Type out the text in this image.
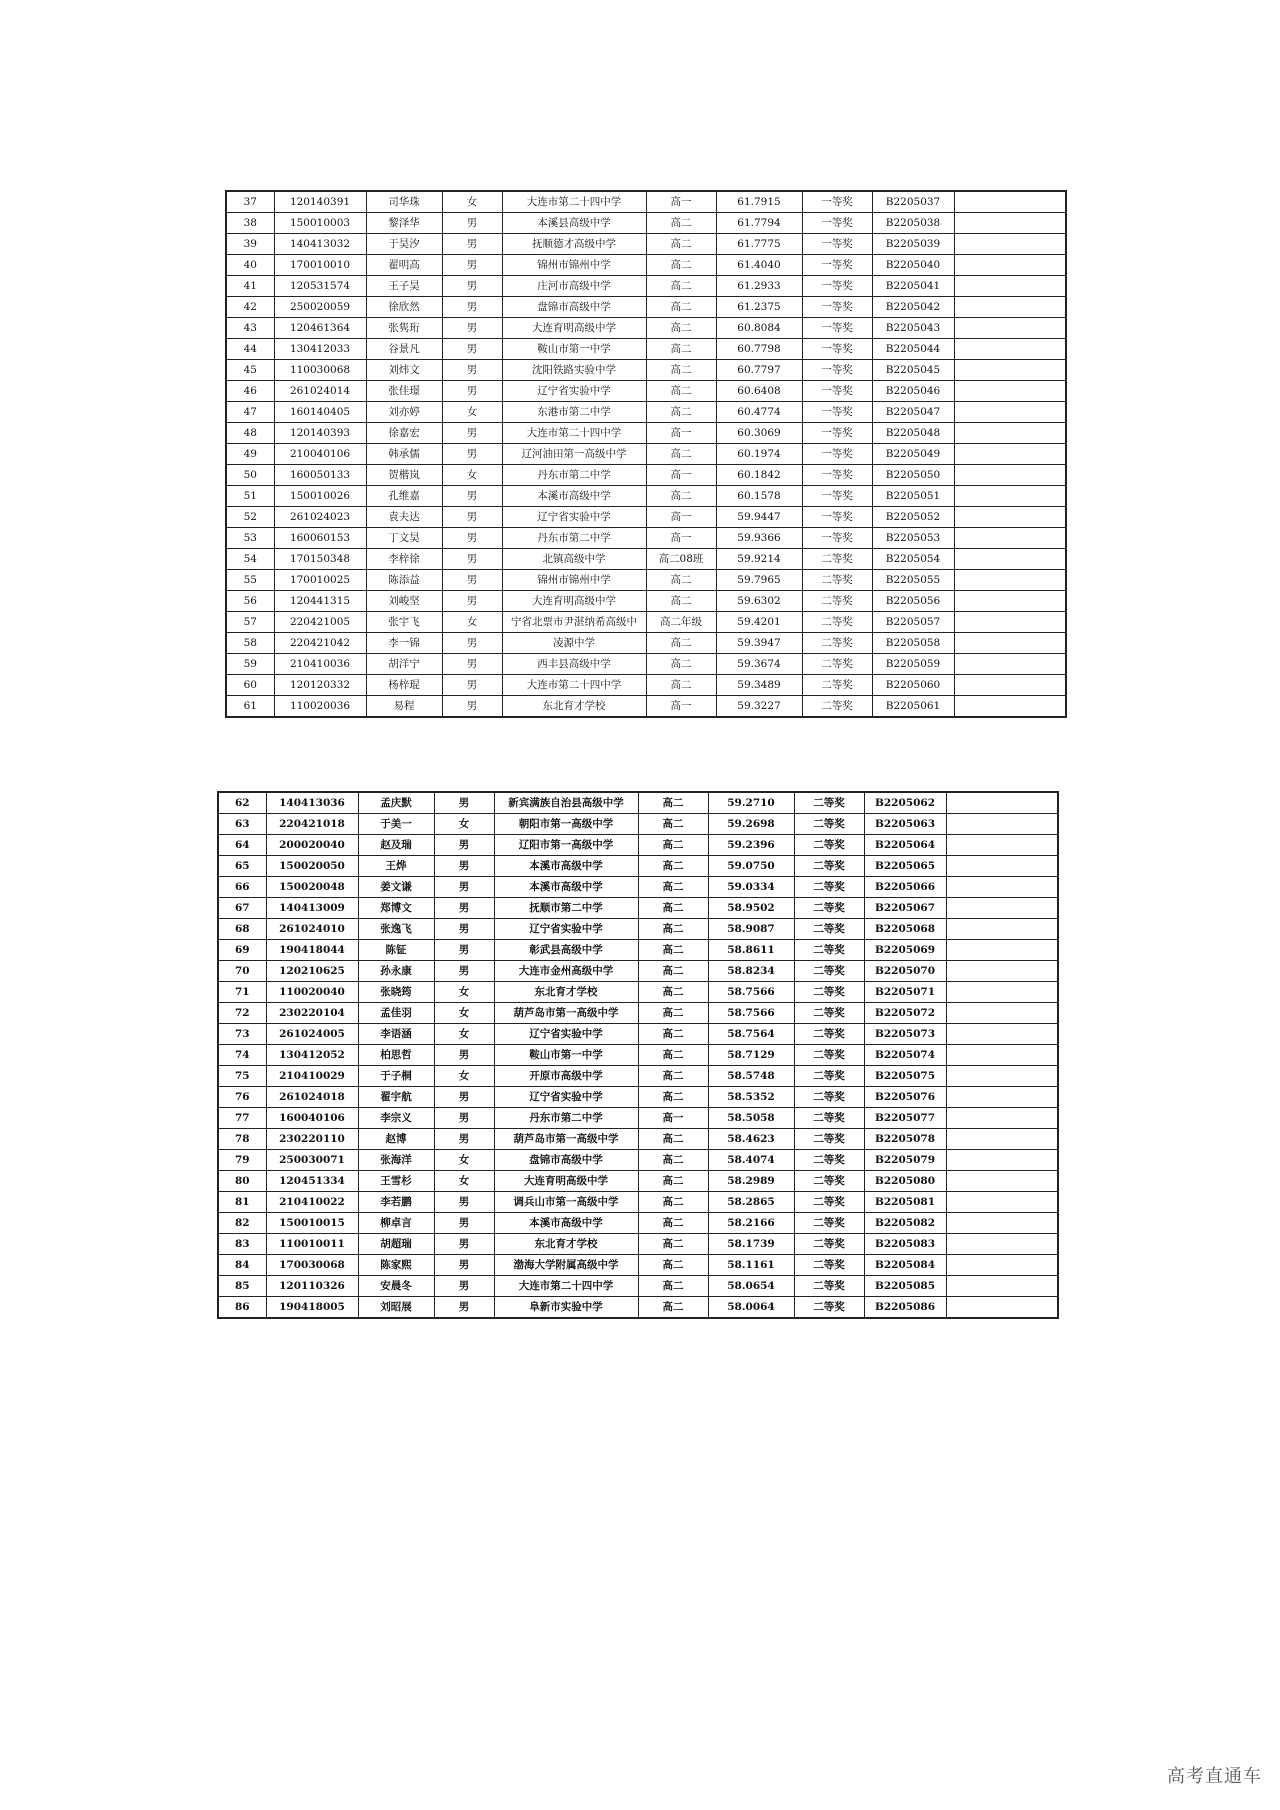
37	120140391	司华珠	女	大连市第二十四中学	高一	61.7915	一等奖	B2205037	
38	150010003	黎泽华	男	本溪县高级中学	高二	61.7794	一等奖	B2205038	
39	140413032	于昊汐	男	抚顺德才高级中学	高二	61.7775	一等奖	B2205039	
40	170010010	翟明高	男	锦州市锦州中学	高二	61.4040	一等奖	B2205040	
41	120531574	王子昊	男	庄河市高级中学	高二	61.2933	一等奖	B2205041	
42	250020059	徐欣然	男	盘锦市高级中学	高二	61.2375	一等奖	B2205042	
43	120461364	张隽珩	男	大连育明高级中学	高二	60.8084	一等奖	B2205043	
44	130412033	谷景凡	男	鞍山市第一中学	高二	60.7798	一等奖	B2205044	
45	110030068	刘炜文	男	沈阳铁路实验中学	高二	60.7797	一等奖	B2205045	
46	261024014	张佳璟	男	辽宁省实验中学	高二	60.6408	一等奖	B2205046	
47	160140405	刘亦婷	女	东港市第二中学	高二	60.4774	一等奖	B2205047	
48	120140393	徐嘉宏	男	大连市第二十四中学	高一	60.3069	一等奖	B2205048	
49	210040106	韩承儒	男	辽河油田第一高级中学	高二	60.1974	一等奖	B2205049	
50	160050133	贺楷岚	女	丹东市第二中学	高一	60.1842	一等奖	B2205050	
51	150010026	孔维嘉	男	本溪市高级中学	高二	60.1578	一等奖	B2205051	
52	261024023	袁夫达	男	辽宁省实验中学	高一	59.9447	一等奖	B2205052	
53	160060153	丁文昊	男	丹东市第二中学	高一	59.9366	一等奖	B2205053	
54	170150348	李梓徐	男	北镇高级中学	高二08班	59.9214	二等奖	B2205054	
55	170010025	陈添益	男	锦州市锦州中学	高二	59.7965	二等奖	B2205055	
56	120441315	刘峻坚	男	大连育明高级中学	高二	59.6302	二等奖	B2205056	
57	220421005	张宇飞	女	宁省北票市尹湛纳希高级中	高二年级	59.4201	二等奖	B2205057	
58	220421042	李一锦	男	凌源中学	高二	59.3947	二等奖	B2205058	
59	210410036	胡洋宁	男	西丰县高级中学	高二	59.3674	二等奖	B2205059	
60	120120332	杨梓琨	男	大连市第二十四中学	高二	59.3489	二等奖	B2205060	
61	110020036	易程	男	东北育才学校	高一	59.3227	二等奖	B2205061	
62	140413036	孟庆默	男	新宾满族自治县高级中学	高二	59.2710	二等奖	B2205062	
63	220421018	于美一	女	朝阳市第一高级中学	高二	59.2698	二等奖	B2205063	
64	200020040	赵及瑞	男	辽阳市第一高级中学	高二	59.2396	二等奖	B2205064	
65	150020050	王烨	男	本溪市高级中学	高二	59.0750	二等奖	B2205065	
66	150020048	姜文谦	男	本溪市高级中学	高二	59.0334	二等奖	B2205066	
67	140413009	郑博文	男	抚顺市第二中学	高二	58.9502	二等奖	B2205067	
68	261024010	张逸飞	男	辽宁省实验中学	高二	58.9087	二等奖	B2205068	
69	190418044	陈钲	男	彰武县高级中学	高二	58.8611	二等奖	B2205069	
70	120210625	孙永康	男	大连市金州高级中学	高二	58.8234	二等奖	B2205070	
71	110020040	张晓筠	女	东北育才学校	高二	58.7566	二等奖	B2205071	
72	230220104	孟佳羽	女	葫芦岛市第一高级中学	高二	58.7566	二等奖	B2205072	
73	261024005	李语涵	女	辽宁省实验中学	高二	58.7564	二等奖	B2205073	
74	130412052	柏思哲	男	鞍山市第一中学	高二	58.7129	二等奖	B2205074	
75	210410029	于子桐	女	开原市高级中学	高二	58.5748	二等奖	B2205075	
76	261024018	翟宇航	男	辽宁省实验中学	高二	58.5352	二等奖	B2205076	
77	160040106	李宗义	男	丹东市第二中学	高一	58.5058	二等奖	B2205077	
78	230220110	赵博	男	葫芦岛市第一高级中学	高二	58.4623	二等奖	B2205078	
79	250030071	张海洋	女	盘锦市高级中学	高二	58.4074	二等奖	B2205079	
80	120451334	王雪杉	女	大连育明高级中学	高二	58.2989	二等奖	B2205080	
81	210410022	李若鹏	男	调兵山市第一高级中学	高二	58.2865	二等奖	B2205081	
82	150010015	柳卓言	男	本溪市高级中学	高二	58.2166	二等奖	B2205082	
83	110010011	胡超瑞	男	东北育才学校	高二	58.1739	二等奖	B2205083	
84	170030068	陈家熙	男	渤海大学附属高级中学	高二	58.1161	二等奖	B2205084	
85	120110326	安晨冬	男	大连市第二十四中学	高二	58.0654	二等奖	B2205085	
86	190418005	刘昭展	男	阜新市实验中学	高二	58.0064	二等奖	B2205086	
高考直通车
